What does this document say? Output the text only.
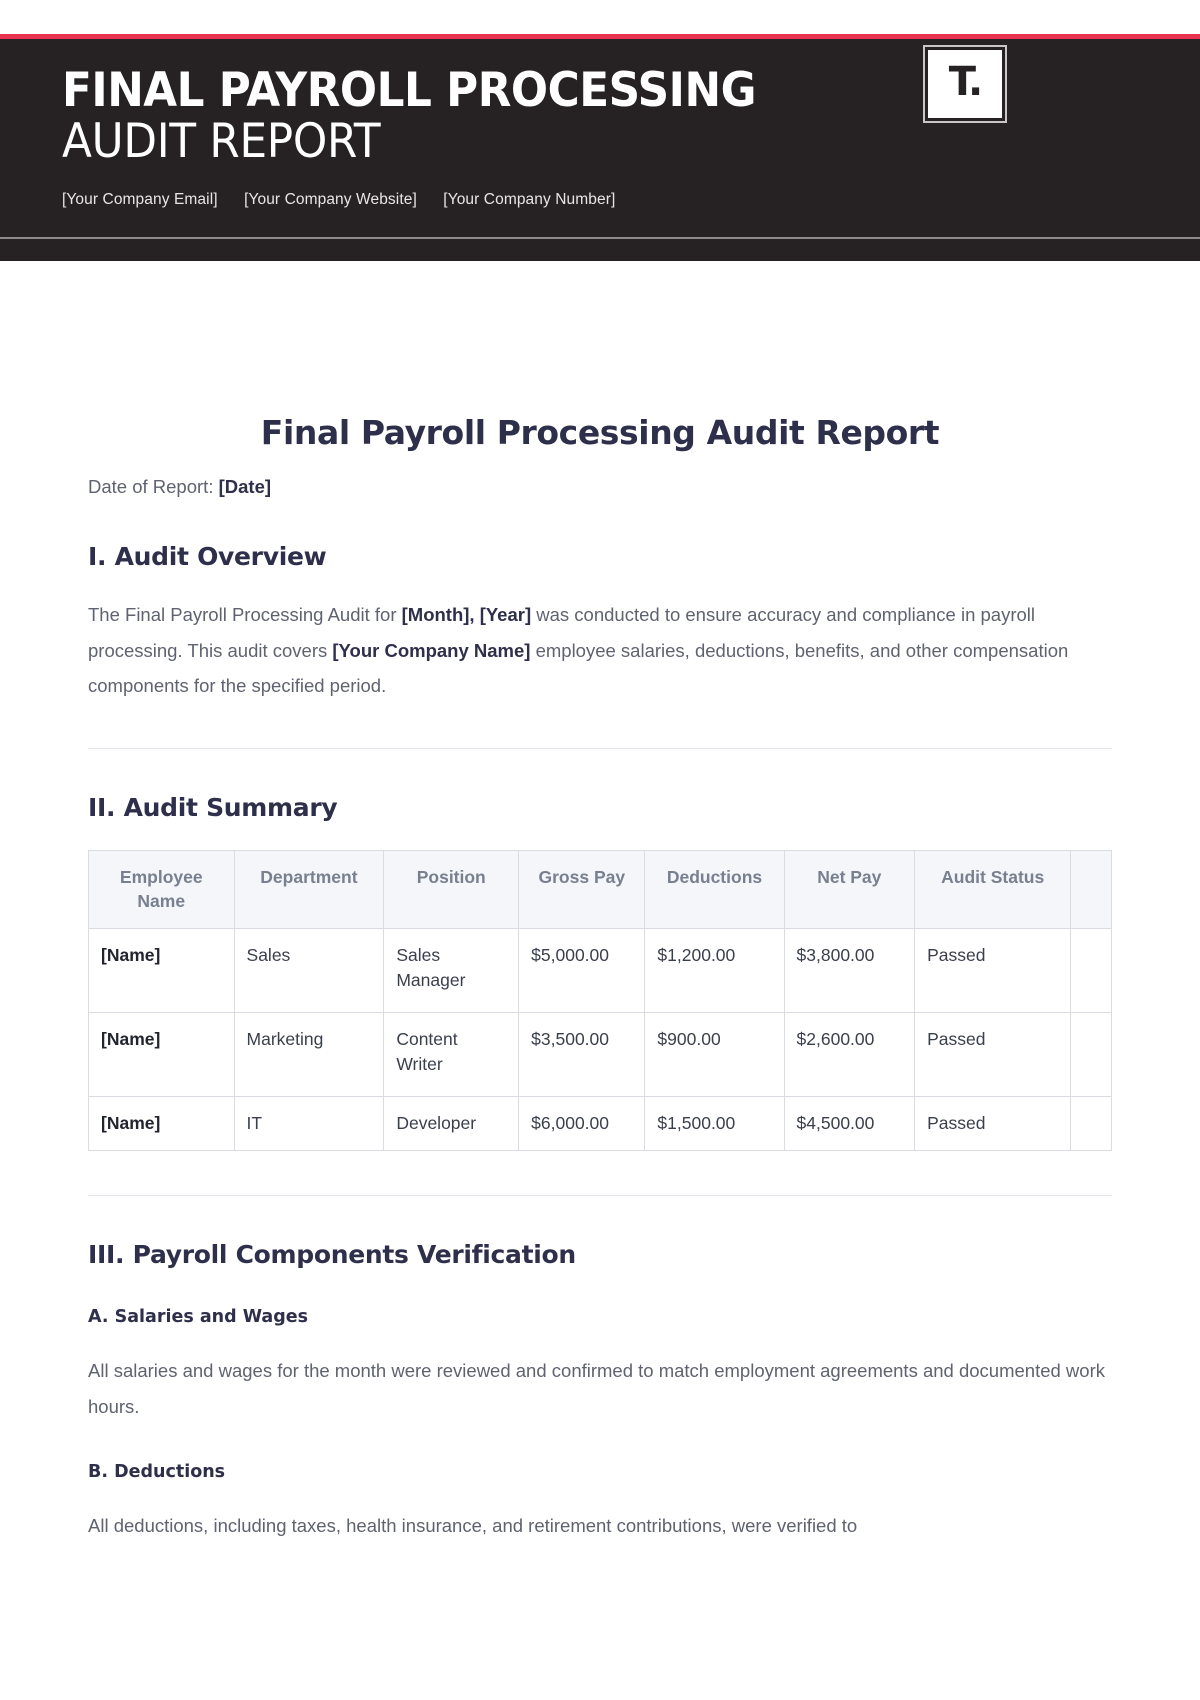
FINAL PAYROLL PROCESSING
AUDIT REPORT
[Your Company Email] [Your Company Website] [Your Company Number]
T.
Final Payroll Processing Audit Report
Date of Report: [Date]
I. Audit Overview

The Final Payroll Processing Audit for [Month], [Year] was conducted to ensure accuracy and compliance in payroll processing. This audit covers [Your Company Name] employee salaries, deductions, benefits, and other compensation components for the specified period.

II. Audit Summary
Employee Name	Department	Position	Gross Pay	Deductions	Net Pay	Audit Status	
[Name]	Sales	Sales Manager	$5,000.00	$1,200.00	$3,800.00	Passed	
[Name]	Marketing	Content Writer	$3,500.00	$900.00	$2,600.00	Passed	
[Name]	IT	Developer	$6,000.00	$1,500.00	$4,500.00	Passed	
III. Payroll Components Verification
A. Salaries and Wages

All salaries and wages for the month were reviewed and confirmed to match employment agreements and documented work hours.

B. Deductions

All deductions, including taxes, health insurance, and retirement contributions, were verified to
